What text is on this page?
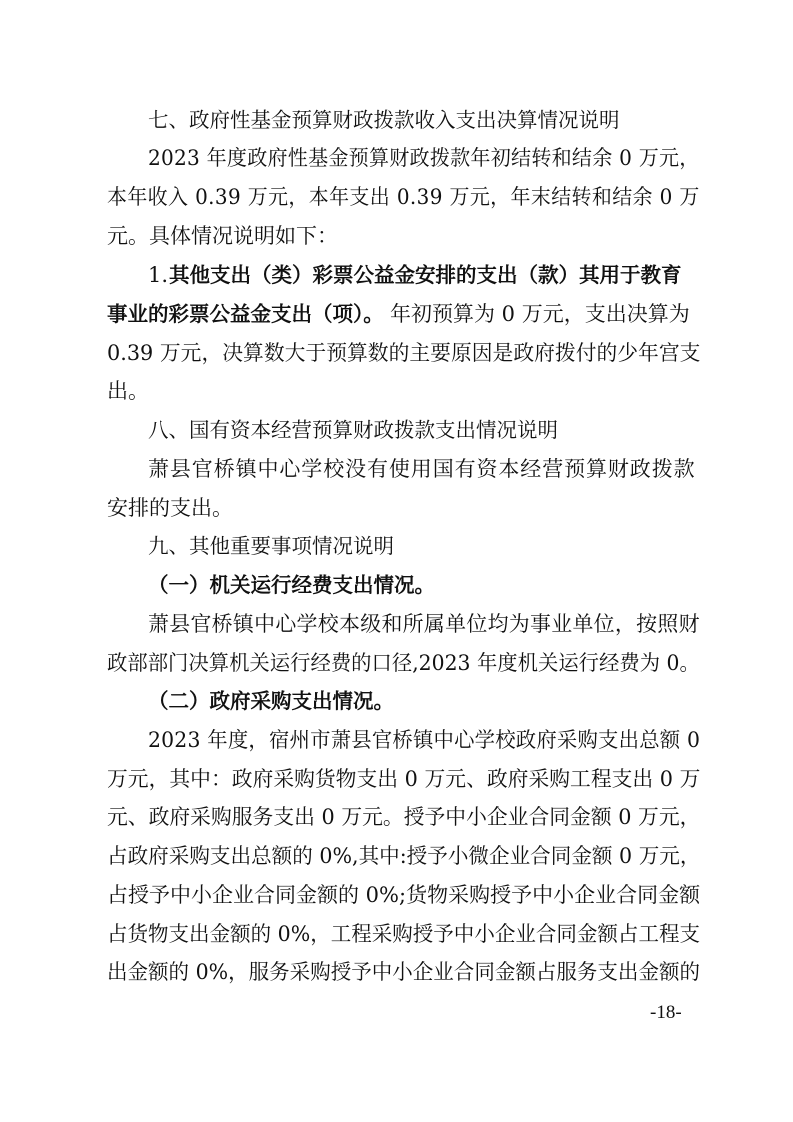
七、政府性基金预算财政拨款收入支出决算情况说明
2023 年度政府性基金预算财政拨款年初结转和结余 0 万元，
本年收入 0.39 万元，本年支出 0.39 万元，年末结转和结余 0 万
元。具体情况说明如下：
1. 其他支出（类）彩票公益金安排的支出（款）其用于教育
事业的彩票公益金支出（项）。 年初预算为 0 万元，支出决算为
0.39 万元，决算数大于预算数的主要原因是政府拨付的少年宫支
出。
八、国有资本经营预算财政拨款支出情况说明
萧县官桥镇中心学校没有使用国有资本经营预算财政拨款
安排的支出。
九、其他重要事项情况说明
（一）机关运行经费支出情况。
萧县官桥镇中心学校本级和所属单位均为事业单位，按照财
政部部门决算机关运行经费的口径,2023 年度机关运行经费为 0。
（二）政府采购支出情况。
2023 年度，宿州市萧县官桥镇中心学校政府采购支出总额 0
万元，其中：政府采购货物支出 0 万元、政府采购工程支出 0 万
元、政府采购服务支出 0 万元。授予中小企业合同金额 0 万元，
占政府采购支出总额的 0%,其中:授予小微企业合同金额 0 万元，
占授予中小企业合同金额的 0%;货物采购授予中小企业合同金额
占货物支出金额的 0%，工程采购授予中小企业合同金额占工程支
出金额的 0%，服务采购授予中小企业合同金额占服务支出金额的
-18-
